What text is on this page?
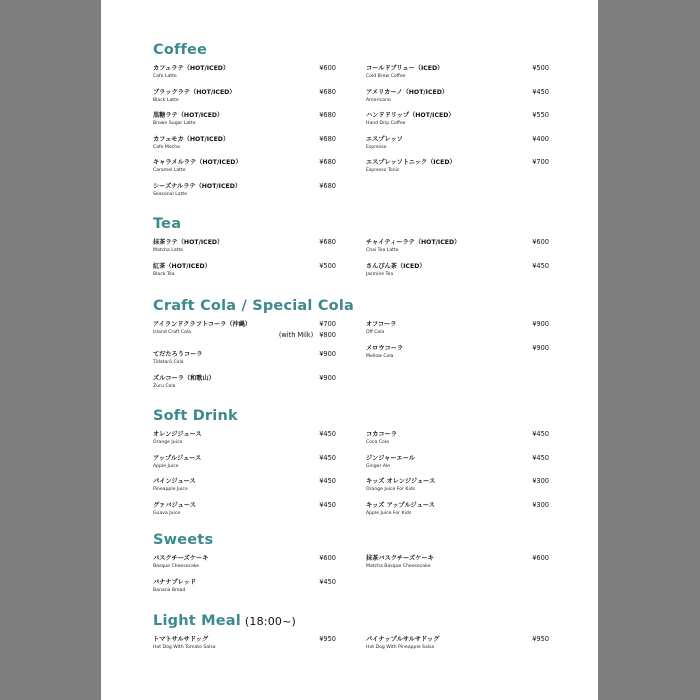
Coffee
カフェラテ（HOT/ICED）
Cafe Latte
¥600
ブラックラテ（HOT/ICED）
Black Latte
¥680
黒糖ラテ（HOT/ICED）
Brown Sugar Latte
¥680
カフェモカ（HOT/ICED）
Cafe Mocha
¥680
キャラメルラテ（HOT/ICED）
Caramel Latte
¥680
シーズナルラテ（HOT/ICED）
Seasonal Latte
¥680
コールドブリュー（ICED）
Cold Brew Coffee
¥500
アメリカーノ（HOT/ICED）
Americano
¥450
ハンドドリップ（HOT/ICED）
Hand Drip Coffee
¥550
エスプレッソ
Espresso
¥400
エスプレッソトニック（ICED）
Espresso Tonic
¥700
Tea
抹茶ラテ（HOT/ICED）
Matcha Latte
¥680
紅茶（HOT/ICED）
Black Tea
¥500
チャイティーラテ（HOT/ICED）
Chai Tea Latte
¥600
さんぴん茶（ICED）
Jasmine Tea
¥450
Craft Cola / Special Cola
アイランドクラフトコーラ（沖縄）
Island Craft Cola
¥700
(with Milk) ¥800
てだたろうコーラ
Tidatarō Cola
¥900
ズルコーラ（和歌山）
Zuru Cola
¥900
オフコーラ
Off Cola
¥900
メロウコーラ
Mellow Cola
¥900
Soft Drink
オレンジジュース
Orange Juice
¥450
アップルジュース
Apple Juice
¥450
パインジュース
Pineapple Juice
¥450
グァバジュース
Guava Juice
¥450
コカコーラ
Coca Cola
¥450
ジンジャーエール
Ginger Ale
¥450
キッズ オレンジジュース
Orange Juice For Kids
¥300
キッズ アップルジュース
Apple Juice For Kids
¥300
Sweets
バスクチーズケーキ
Basque Cheesecake
¥600
バナナブレッド
Banana Bread
¥450
抹茶バスクチーズケーキ
Matcha Basque Cheesecake
¥600
Light Meal (18:00~)
トマトサルサドッグ
Hot Dog With Tomato Salsa
¥950	パイナップルサルサドッグ
Hot Dog With Pineapple Salsa
¥950
